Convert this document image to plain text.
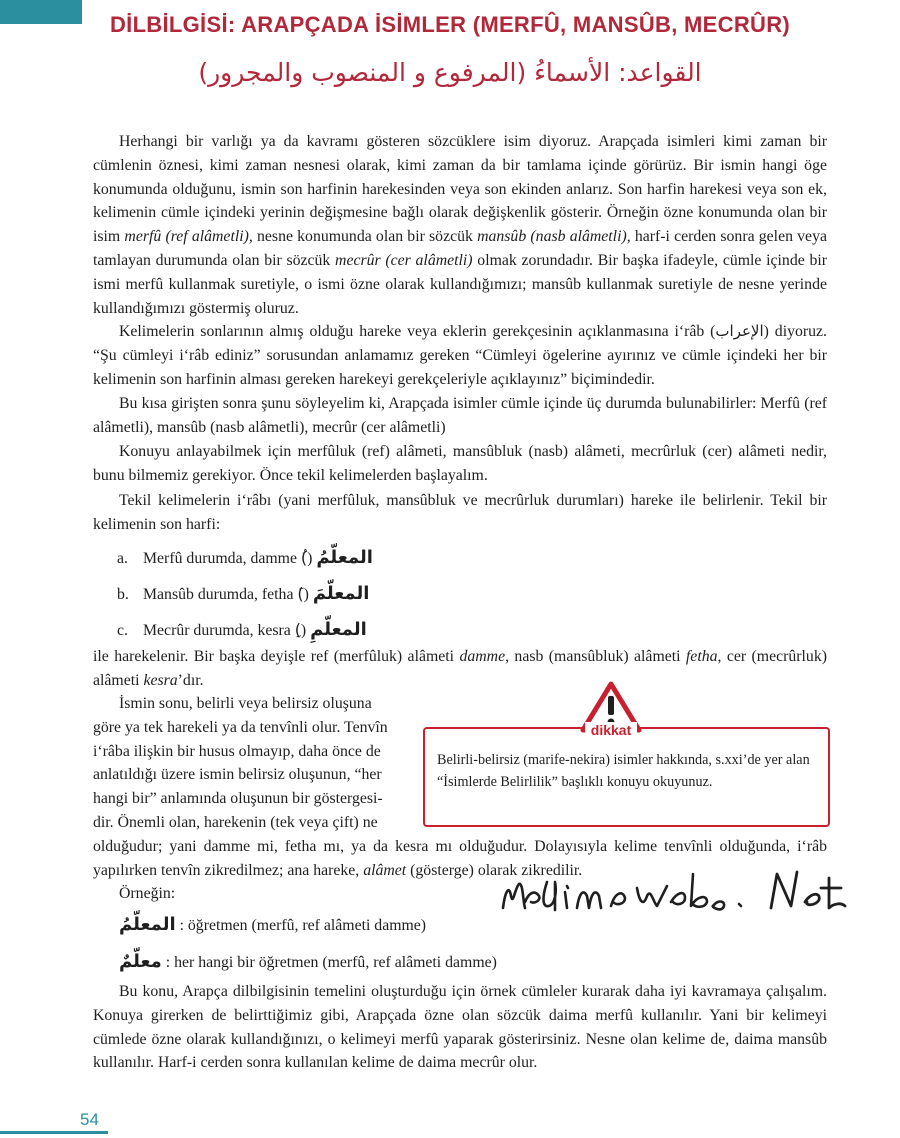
DİLBİLGİSİ: ARAPÇADA İSİMLER (MERFÛ, MANSÛB, MECRÛR)
القواعد: الأسماءُ (المرفوع و المنصوب والمجرور)

Herhangi bir varlığı ya da kavramı gösteren sözcüklere isim diyoruz. Arapçada isimleri kimi zaman bir cümlenin öznesi, kimi zaman nesnesi olarak, kimi zaman da bir tamlama içinde görürüz. Bir ismin hangi öge konumunda olduğunu, ismin son harfinin harekesinden veya son ekinden anlarız. Son harfin harekesi veya son ek, kelimenin cümle içindeki yerinin değişmesine bağlı olarak değişkenlik gösterir. Örneğin özne konumunda olan bir isim merfû (ref alâmetli), nesne konumunda olan bir sözcük mansûb (nasb alâmetli), harf-i cerden sonra gelen veya tamlayan durumunda olan bir sözcük mecrûr (cer alâmetli) olmak zorundadır. Bir başka ifadeyle, cümle içinde bir ismi merfû kullanmak suretiyle, o ismi özne olarak kullandığımızı; mansûb kullanmak suretiyle de nesne yerinde kullandığımızı göstermiş oluruz.

Kelimelerin sonlarının almış olduğu hareke veya eklerin gerekçesinin açıklanmasına i‘râb (الإعراب) diyoruz. “Şu cümleyi i‘râb ediniz” sorusundan anlamamız gereken “Cümleyi ögelerine ayırınız ve cümle içindeki her bir kelimenin son harfinin alması gereken harekeyi gerekçeleriyle açıklayınız” biçimindedir.

Bu kısa girişten sonra şunu söyleyelim ki, Arapçada isimler cümle içinde üç durumda bulunabilirler: Merfû (ref alâmetli), mansûb (nasb alâmetli), mecrûr (cer alâmetli)

Konuyu anlayabilmek için merfûluk (ref) alâmeti, mansûbluk (nasb) alâmeti, mecrûrluk (cer) alâmeti nedir, bunu bilmemiz gerekiyor. Önce tekil kelimelerden başlayalım.

Tekil kelimelerin i‘râbı (yani merfûluk, mansûbluk ve mecrûrluk durumları) hareke ile belirlenir. Tekil bir kelimenin son harfi:

a. Merfû durumda, damme (ُ) المعلّمُ
b. Mansûb durumda, fetha (َ) المعلّمَ
c. Mecrûr durumda, kesra (ِ) المعلّمِ

ile harekelenir. Bir başka deyişle ref (merfûluk) alâmeti damme, nasb (mansûbluk) alâmeti fetha, cer (mecrûrluk) alâmeti kesra’dır.

İsmin sonu, belirli veya belirsiz oluşuna
göre ya tek harekeli ya da tenvînli olur. Tenvîn
i‘râba ilişkin bir husus olmayıp, daha önce de
anlatıldığı üzere ismin belirsiz oluşunun, “her
hangi bir” anlamında oluşunun bir göstergesi-
dir. Önemli olan, harekenin (tek veya çift) ne
Belirli-belirsiz (marife-nekira) isimler hakkında, s.xxi’de yer alan “İsimlerde Belirlilik” başlıklı konuyu okuyunuz.
dikkat

olduğudur; yani damme mi, fetha mı, ya da kesra mı olduğudur. Dolayısıyla kelime tenvînli olduğunda, i‘râb yapılırken tenvîn zikredilmez; ana hareke, alâmet (gösterge) olarak zikredilir.

Örneğin:

المعلّمُ : öğretmen (merfû, ref alâmeti damme)
معلّمٌ : her hangi bir öğretmen (merfû, ref alâmeti damme)

Bu konu, Arapça dilbilgisinin temelini oluşturduğu için örnek cümleler kurarak daha iyi kavramaya çalışalım. Konuya girerken de belirttiğimiz gibi, Arapçada özne olan sözcük daima merfû kullanılır. Yani bir kelimeyi cümlede özne olarak kullandığınızı, o kelimeyi merfû yaparak gösterirsiniz. Nesne olan kelime de, daima mansûb kullanılır. Harf-i cerden sonra kullanılan kelime de daima mecrûr olur.

54
